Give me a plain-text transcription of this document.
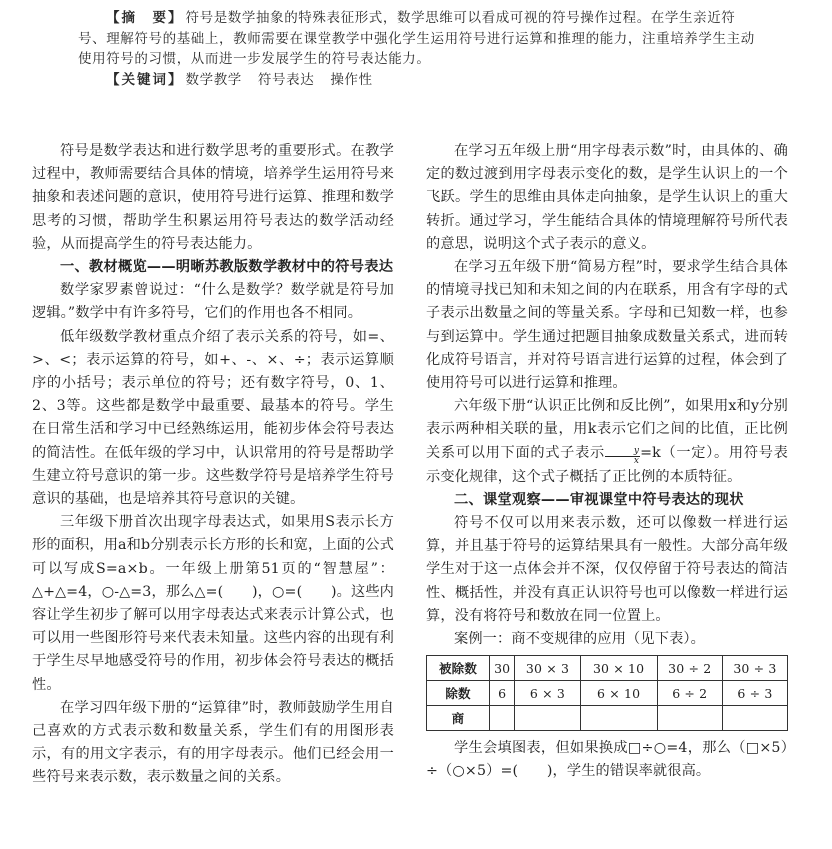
【摘　要】 符号是数学抽象的特殊表征形式，数学思维可以看成可视的符号操作过程。在学生亲近符号、理解符号的基础上，教师需要在课堂教学中强化学生运用符号进行运算和推理的能力，注重培养学生主动使用符号的习惯，从而进一步发展学生的符号表达能力。

【关键词】 数学教学 符号表达 操作性

符号是数学表达和进行数学思考的重要形式。在教学过程中，教师需要结合具体的情境，培养学生运用符号来抽象和表述问题的意识，使用符号进行运算、推理和数学思考的习惯，帮助学生积累运用符号表达的数学活动经验，从而提高学生的符号表达能力。

一、教材概览——明晰苏教版数学教材中的符号表达

数学家罗素曾说过：“什么是数学？数学就是符号加逻辑。”数学中有许多符号，它们的作用也各不相同。

低年级数学教材重点介绍了表示关系的符号，如=、>、<；表示运算的符号，如+、-、×、÷；表示运算顺序的小括号；表示单位的符号；还有数字符号，0、1、2、3等。这些都是数学中最重要、最基本的符号。学生在日常生活和学习中已经熟练运用，能初步体会符号表达的简洁性。在低年级的学习中，认识常用的符号是帮助学生建立符号意识的第一步。这些数学符号是培养学生符号意识的基础，也是培养其符号意识的关键。

三年级下册首次出现字母表达式，如果用S表示长方形的面积，用a和b分别表示长方形的长和宽，上面的公式可以写成S=a×b。一年级上册第51页的“智慧屋”：△+△=4，○-△=3，那么△=(　　)，○=(　　)。这些内容让学生初步了解可以用字母表达式来表示计算公式，也可以用一些图形符号来代表未知量。这些内容的出现有利于学生尽早地感受符号的作用，初步体会符号表达的概括性。

在学习四年级下册的“运算律”时，教师鼓励学生用自己喜欢的方式表示数和数量关系，学生们有的用图形表示，有的用文字表示，有的用字母表示。他们已经会用一些符号来表示数，表示数量之间的关系。

在学习五年级上册“用字母表示数”时，由具体的、确定的数过渡到用字母表示变化的数，是学生认识上的一个飞跃。学生的思维由具体走向抽象，是学生认识上的重大转折。通过学习，学生能结合具体的情境理解符号所代表的意思，说明这个式子表示的意义。

在学习五年级下册“简易方程”时，要求学生结合具体的情境寻找已知和未知之间的内在联系，用含有字母的式子表示出数量之间的等量关系。字母和已知数一样，也参与到运算中。学生通过把题目抽象成数量关系式，进而转化成符号语言，并对符号语言进行运算的过程，体会到了使用符号可以进行运算和推理。

六年级下册“认识正比例和反比例”，如果用x和y分别表示两种相关联的量，用k表示它们之间的比值，正比例关系可以用下面的式子表示 $\frac{y}{x} =k$（一定）。用符号表示变化规律，这个式子概括了正比例的本质特征。

二、课堂观察——审视课堂中符号表达的现状

符号不仅可以用来表示数，还可以像数一样进行运算，并且基于符号的运算结果具有一般性。大部分高年级学生对于这一点体会并不深，仅仅停留于符号表达的简洁性、概括性，并没有真正认识符号也可以像数一样进行运算，没有将符号和数放在同一位置上。

案例一：商不变规律的应用（见下表）。

被除数	30	30 × 3	30 × 10	30 ÷ 2	30 ÷ 3
除数	6	6 × 3	6 × 10	6 ÷ 2	6 ÷ 3
商					

学生会填图表，但如果换成□÷○=4，那么（□×5）÷（○×5）=(　　)，学生的错误率就很高。
